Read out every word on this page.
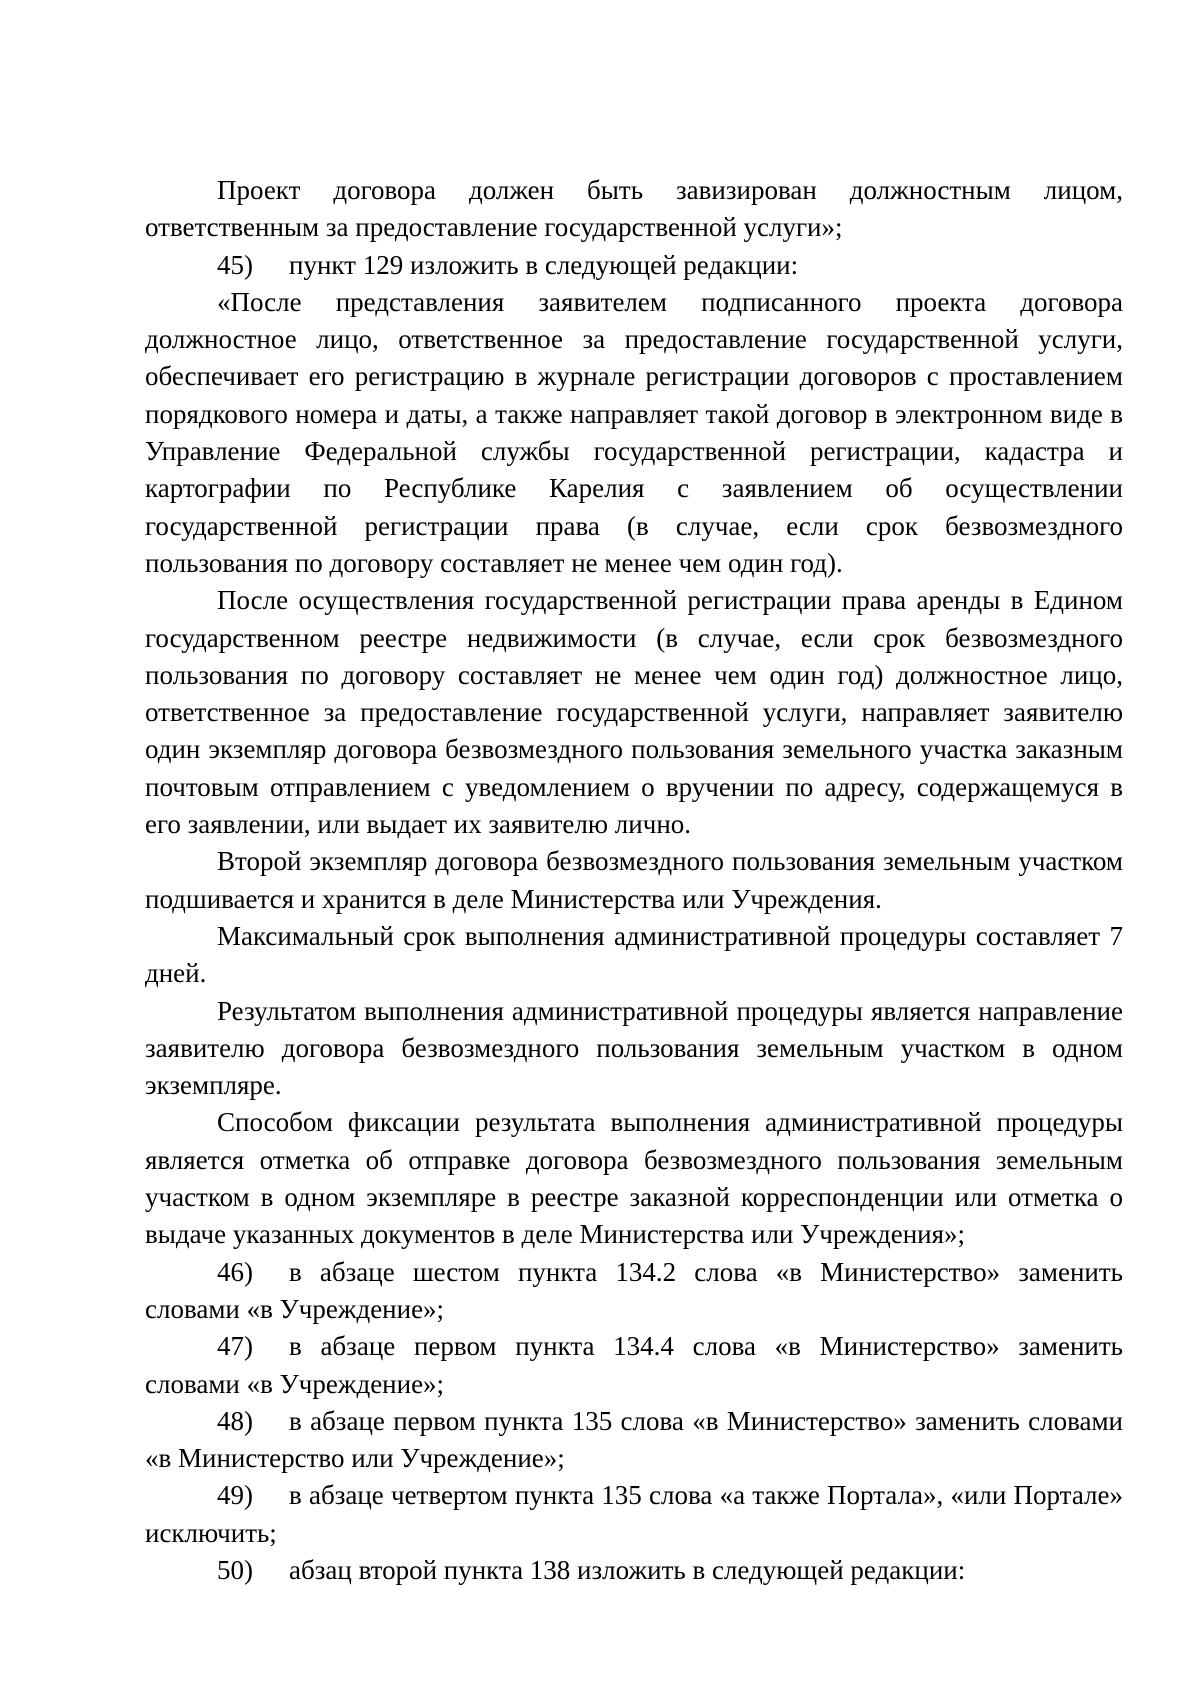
Проект договора должен быть завизирован должностным лицом, ответственным за предоставление государственной услуги»;

45) пункт 129 изложить в следующей редакции:

«После представления заявителем подписанного проекта договора должностное лицо, ответственное за предоставление государственной услуги, обеспечивает его регистрацию в журнале регистрации договоров с проставлением порядкового номера и даты, а также направляет такой договор в электронном виде в Управление Федеральной службы государственной регистрации, кадастра и картографии по Республике Карелия с заявлением об осуществлении государственной регистрации права (в случае, если срок безвозмездного пользования по договору составляет не менее чем один год).

После осуществления государственной регистрации права аренды в Едином государственном реестре недвижимости (в случае, если срок безвозмездного пользования по договору составляет не менее чем один год) должностное лицо, ответственное за предоставление государственной услуги, направляет заявителю один экземпляр договора безвозмездного пользования земельного участка заказным почтовым отправлением с уведомлением о вручении по адресу, содержащемуся в его заявлении, или выдает их заявителю лично.

Второй экземпляр договора безвозмездного пользования земельным участком подшивается и хранится в деле Министерства или Учреждения.

Максимальный срок выполнения административной процедуры составляет 7 дней.

Результатом выполнения административной процедуры является направление заявителю договора безвозмездного пользования земельным участком в одном экземпляре.

Способом фиксации результата выполнения административной процедуры является отметка об отправке договора безвозмездного пользования земельным участком в одном экземпляре в реестре заказной корреспонденции или отметка о выдаче указанных документов в деле Министерства или Учреждения»;

46) в абзаце шестом пункта 134.2 слова «в Министерство» заменить словами «в Учреждение»;

47) в абзаце первом пункта 134.4 слова «в Министерство» заменить словами «в Учреждение»;

48) в абзаце первом пункта 135 слова «в Министерство» заменить словами «в Министерство или Учреждение»;

49) в абзаце четвертом пункта 135 слова «а также Портала», «или Портале» исключить;

50) абзац второй пункта 138 изложить в следующей редакции:
